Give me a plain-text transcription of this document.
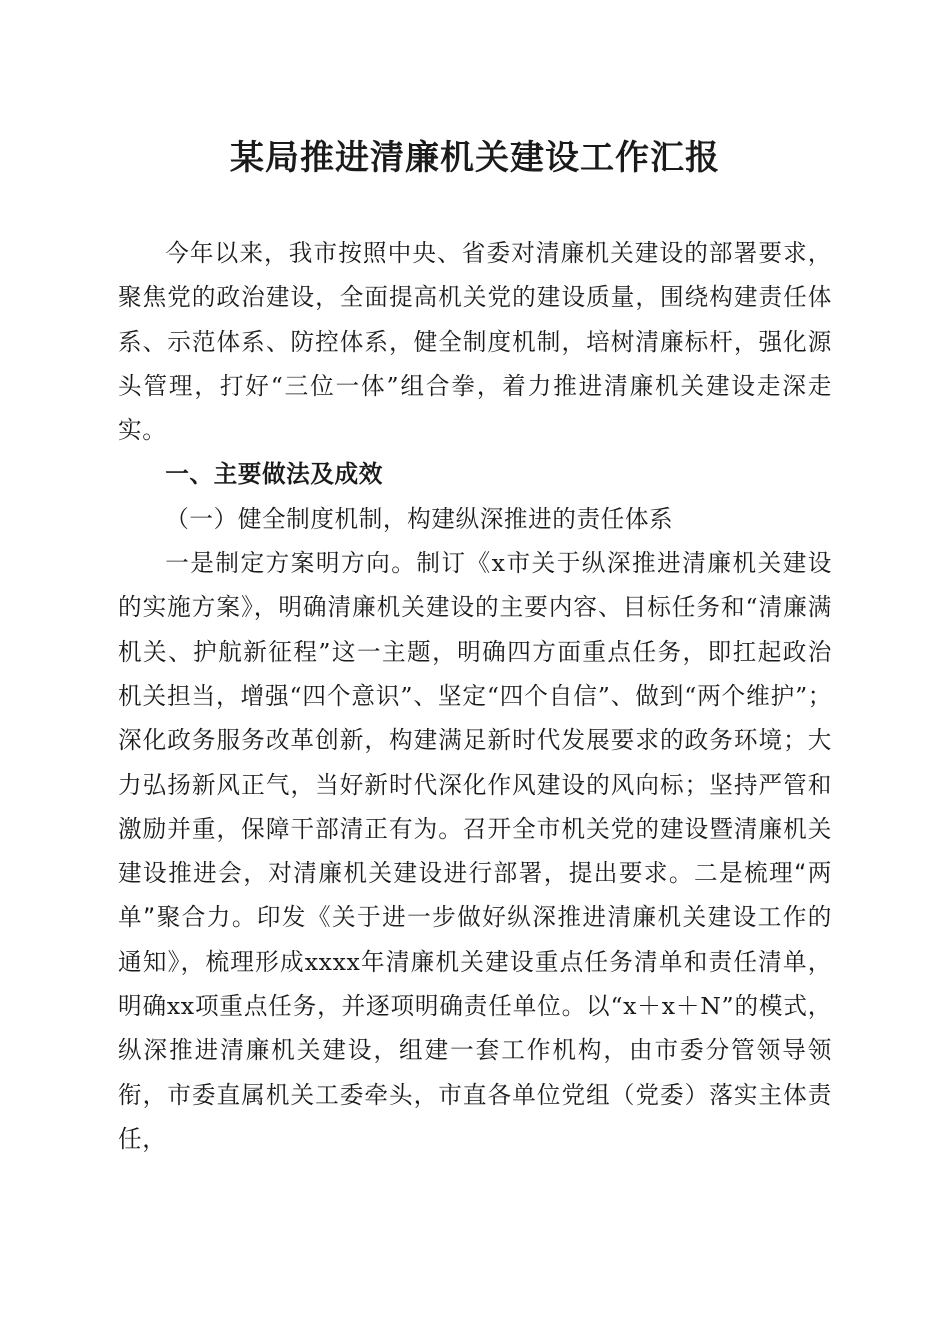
某局推进清廉机关建设工作汇报

今年以来，我市按照中央、省委对清廉机关建设的部署要求，聚焦党的政治建设，全面提高机关党的建设质量，围绕构建责任体系、示范体系、防控体系，健全制度机制，培树清廉标杆，强化源头管理，打好“三位一体”组合拳，着力推进清廉机关建设走深走实。

一、主要做法及成效

（一）健全制度机制，构建纵深推进的责任体系

一是制定方案明方向。制订《x市关于纵深推进清廉机关建设的实施方案》，明确清廉机关建设的主要内容、目标任务和“清廉满机关、护航新征程”这一主题，明确四方面重点任务，即扛起政治机关担当，增强“四个意识”、坚定“四个自信”、做到“两个维护”；深化政务服务改革创新，构建满足新时代发展要求的政务环境；大力弘扬新风正气，当好新时代深化作风建设的风向标；坚持严管和激励并重，保障干部清正有为。召开全市机关党的建设暨清廉机关建设推进会，对清廉机关建设进行部署，提出要求。二是梳理“两单”聚合力。印发《关于进一步做好纵深推进清廉机关建设工作的通知》，梳理形成xxxx年清廉机关建设重点任务清单和责任清单，明确xx项重点任务，并逐项明确责任单位。以“x＋x＋N”的模式，纵深推进清廉机关建设，组建一套工作机构，由市委分管领导领衔，市委直属机关工委牵头，市直各单位党组（党委）落实主体责任，
